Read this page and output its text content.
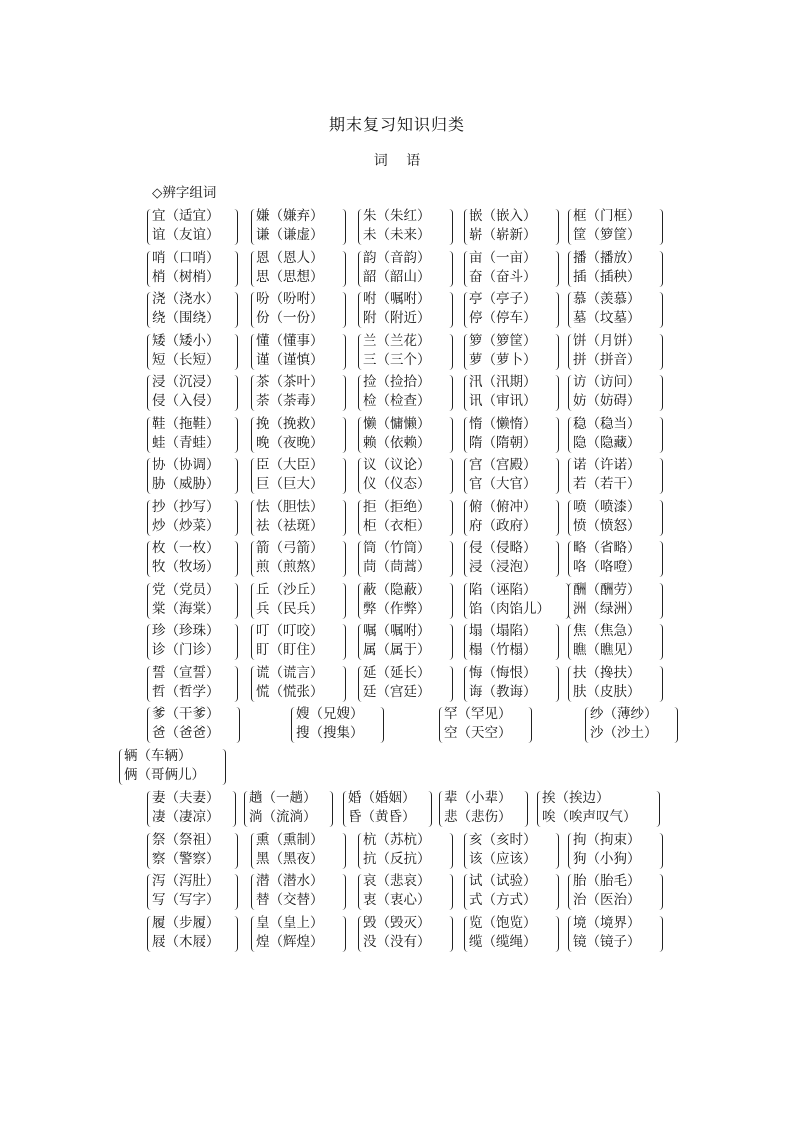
期末复习知识归类
词 语
◇辨字组词
宜（适宜）
谊（友谊）
嫌（嫌弃）
谦（谦虚）
朱（朱红）
未（未来）
嵌（嵌入）
崭（崭新）
框（门框）
筐（箩筐）
哨（口哨）
梢（树梢）
恩（恩人）
思（思想）
韵（音韵）
韶（韶山）
亩（一亩）
奋（奋斗）
播（播放）
插（插秧）
浇（浇水）
绕（围绕）
吩（吩咐）
份（一份）
咐（嘱咐）
附（附近）
亭（亭子）
停（停车）
慕（羡慕）
墓（坟墓）
矮（矮小）
短（长短）
懂（懂事）
谨（谨慎）
兰（兰花）
三（三个）
箩（箩筐）
萝（萝卜）
饼（月饼）
拼（拼音）
浸（沉浸）
侵（入侵）
茶（茶叶）
荼（荼毒）
捡（捡拾）
检（检查）
汛（汛期）
讯（审讯）
访（访问）
妨（妨碍）
鞋（拖鞋）
蛙（青蛙）
挽（挽救）
晚（夜晚）
懒（慵懒）
赖（依赖）
惰（懒惰）
隋（隋朝）
稳（稳当）
隐（隐藏）
协（协调）
胁（威胁）
臣（大臣）
巨（巨大）
议（议论）
仪（仪态）
宫（宫殿）
官（大官）
诺（许诺）
若（若干）
抄（抄写）
炒（炒菜）
怯（胆怯）
祛（祛斑）
拒（拒绝）
柜（衣柜）
俯（俯冲）
府（政府）
喷（喷漆）
愤（愤怒）
枚（一枚）
牧（牧场）
箭（弓箭）
煎（煎熬）
筒（竹筒）
茼（茼蒿）
侵（侵略）
浸（浸泡）
略（省略）
咯（咯噔）
党（党员）
棠（海棠）
丘（沙丘）
兵（民兵）
蔽（隐蔽）
弊（作弊）
陷（诬陷）
馅（肉馅儿）
酬（酬劳）
洲（绿洲）
珍（珍珠）
诊（门诊）
叮（叮咬）
盯（盯住）
嘱（嘱咐）
属（属于）
塌（塌陷）
榻（竹榻）
焦（焦急）
瞧（瞧见）
誓（宣誓）
哲（哲学）
谎（谎言）
慌（慌张）
延（延长）
廷（宫廷）
悔（悔恨）
诲（教诲）
扶（搀扶）
肤（皮肤）
爹（干爹）
爸（爸爸）
嫂（兄嫂）
搜（搜集）
罕（罕见）
空（天空）
纱（薄纱）
沙（沙土）
辆（车辆）
俩（哥俩儿）
妻（夫妻）
凄（凄凉）
趟（一趟）
淌（流淌）
婚（婚姻）
昏（黄昏）
辈（小辈）
悲（悲伤）
挨（挨边）
唉（唉声叹气）
祭（祭祖）
察（警察）
熏（熏制）
黑（黑夜）
杭（苏杭）
抗（反抗）
亥（亥时）
该（应该）
拘（拘束）
狗（小狗）
泻（泻肚）
写（写字）
潜（潜水）
替（交替）
哀（悲哀）
衷（衷心）
试（试验）
式（方式）
胎（胎毛）
治（医治）
履（步履）
屐（木屐）
皇（皇上）
煌（辉煌）
毁（毁灭）
没（没有）
览（饱览）
缆（缆绳）
境（境界）
镜（镜子）
